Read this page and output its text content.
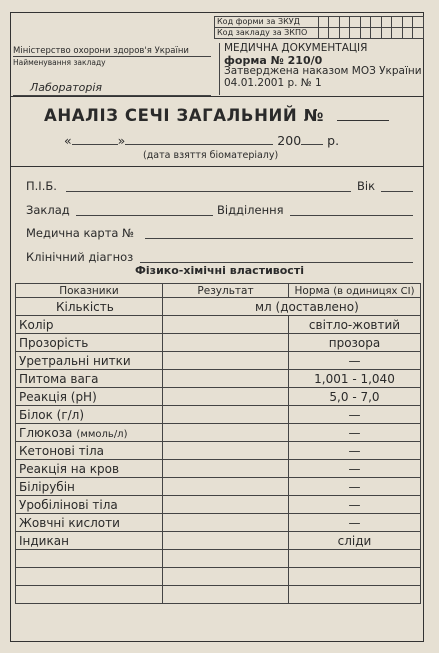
Код форми за ЗКУД										
Код закладу за ЗКПО										
Міністерство охорони здоров'я України
Найменування закладу
Лабораторія
МЕДИЧНА ДОКУМЕНТАЦІЯ
форма № 210/0
Затверджена наказом МОЗ України
04.01.2001 р. № 1
АНАЛІЗ СЕЧІ ЗАГАЛЬНИЙ №
«	»	200 р.
(дата взяття біоматеріалу)
П.І.Б.	Вік
Заклад	Відділення
Медична карта №
Клінічний діагноз
Фізико-хімічні властивості
Показники	Результат	Норма (в одиницях СІ)
Кількість	мл (доставлено)	
Колір		світло-жовтий
Прозорість		прозора
Уретральні нитки		—
Питома вага		1,001 - 1,040
Реакція (рН)		5,0 - 7,0
Білок (г/л)		—
Глюкоза (ммоль/л)		—
Кетонові тіла		—
Реакція на кров		—
Білірубін		—
Уробілінові тіла		—
Жовчні кислоти		—
Індикан		сліди
